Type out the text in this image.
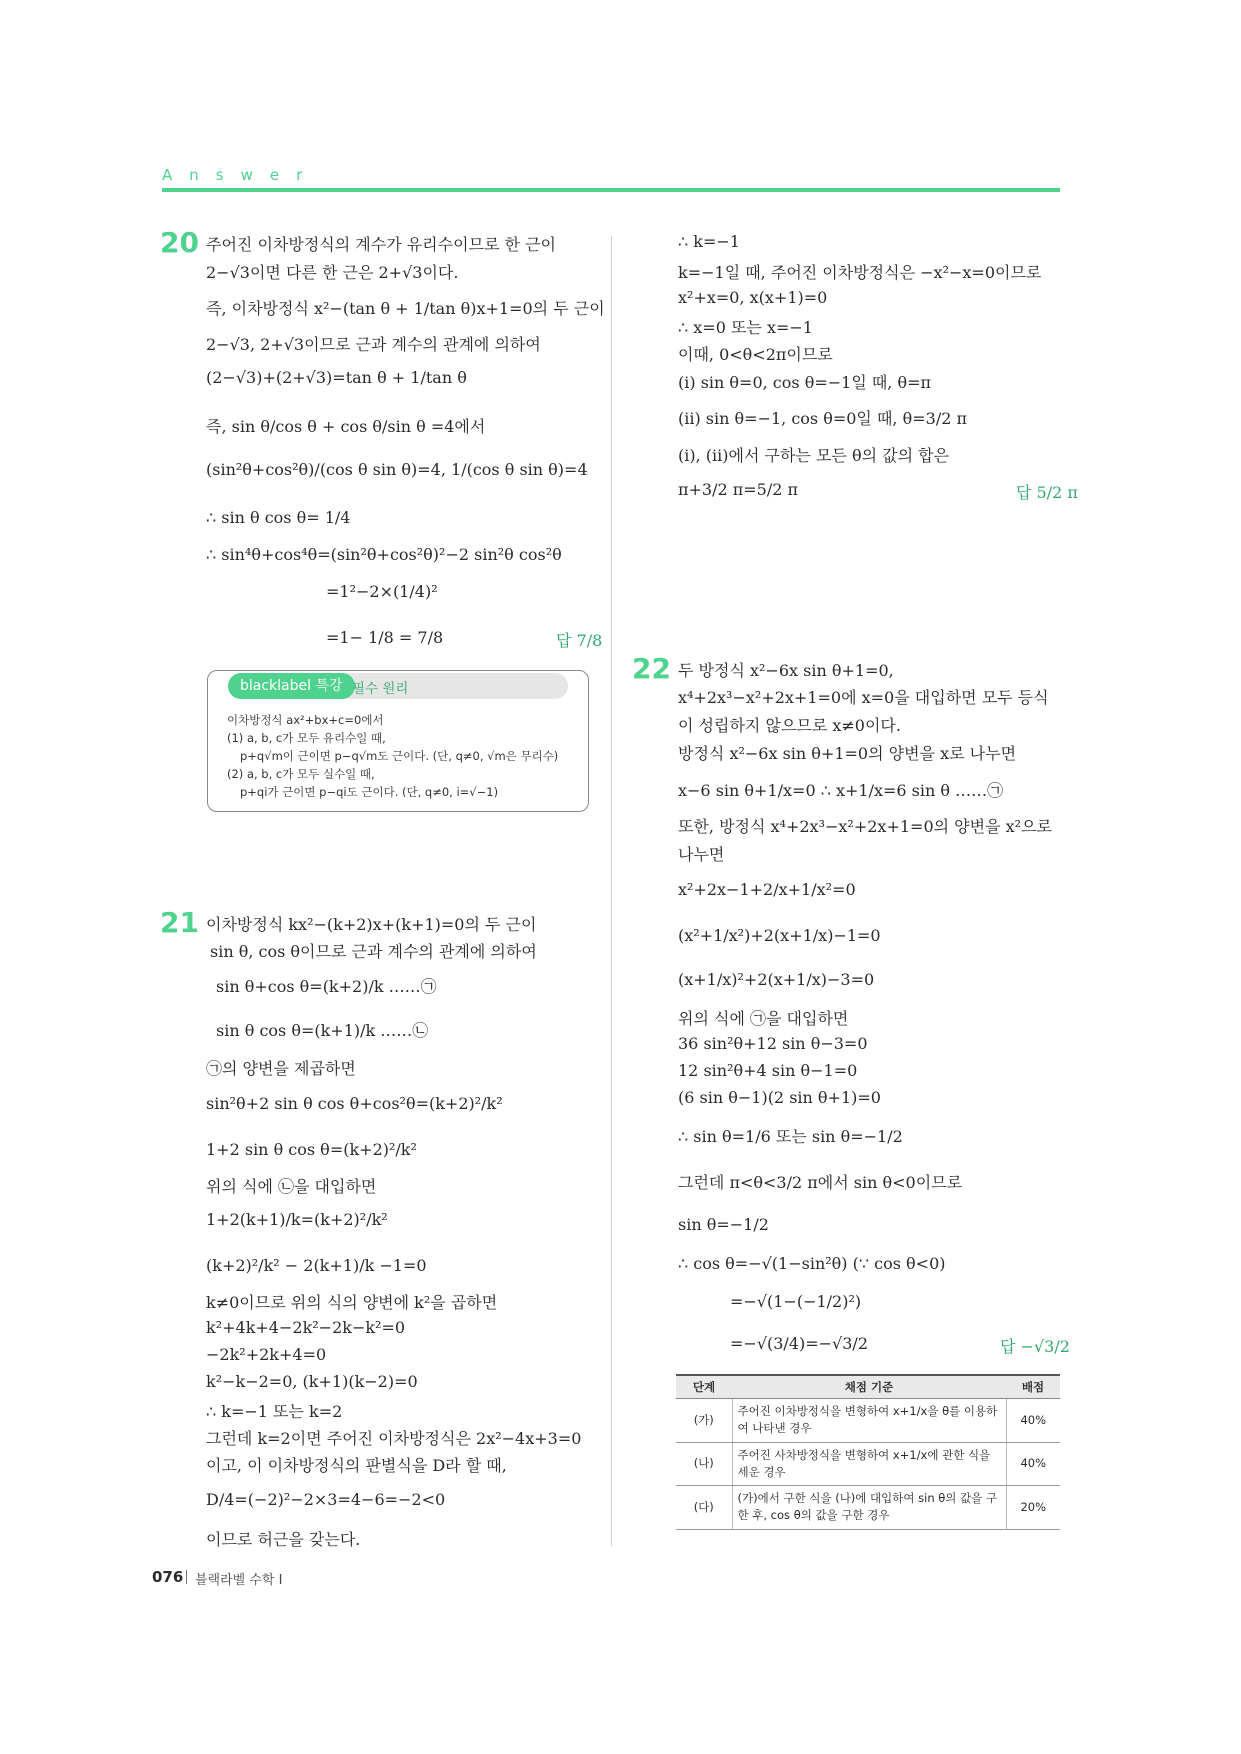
Answer
20 주어진 이차방정식의 계수가 유리수이므로 한 근이
2−√3이면 다른 한 근은 2+√3이다.
즉, 이차방정식 x²−(tan θ + 1/tan θ)x+1=0의 두 근이
2−√3, 2+√3이므로 근과 계수의 관계에 의하여
(2−√3)+(2+√3)=tan θ + 1/tan θ
즉, sin θ/cos θ + cos θ/sin θ =4에서
(sin²θ+cos²θ)/(cos θ sin θ)=4, 1/(cos θ sin θ)=4
∴ sin θ cos θ= 1/4
∴ sin⁴θ+cos⁴θ=(sin²θ+cos²θ)²−2 sin²θ cos²θ
=1²−2×(1/4)²
=1− 1/8 = 7/8	답 7/8
blacklabel 특강 필수 원리
이차방정식 ax²+bx+c=0에서
(1) a, b, c가 모두 유리수일 때,
p+q√m이 근이면 p−q√m도 근이다. (단, q≠0, √m은 무리수)
(2) a, b, c가 모두 실수일 때,
p+qi가 근이면 p−qi도 근이다. (단, q≠0, i=√−1)
21 이차방정식 kx²−(k+2)x+(k+1)=0의 두 근이
sin θ, cos θ이므로 근과 계수의 관계에 의하여
sin θ+cos θ=(k+2)/k ……㉠
sin θ cos θ=(k+1)/k ……㉡
㉠의 양변을 제곱하면
sin²θ+2 sin θ cos θ+cos²θ=(k+2)²/k²
1+2 sin θ cos θ=(k+2)²/k²
위의 식에 ㉡을 대입하면
1+2(k+1)/k=(k+2)²/k²
(k+2)²/k² − 2(k+1)/k −1=0
k≠0이므로 위의 식의 양변에 k²을 곱하면
k²+4k+4−2k²−2k−k²=0
−2k²+2k+4=0
k²−k−2=0, (k+1)(k−2)=0
∴ k=−1 또는 k=2
그런데 k=2이면 주어진 이차방정식은 2x²−4x+3=0
이고, 이 이차방정식의 판별식을 D라 할 때,
D/4=(−2)²−2×3=4−6=−2<0
이므로 허근을 갖는다.
∴ k=−1
k=−1일 때, 주어진 이차방정식은 −x²−x=0이므로
x²+x=0, x(x+1)=0
∴ x=0 또는 x=−1
이때, 0<θ<2π이므로
(i) sin θ=0, cos θ=−1일 때, θ=π
(ii) sin θ=−1, cos θ=0일 때, θ=3/2 π
(i), (ii)에서 구하는 모든 θ의 값의 합은
π+3/2 π=5/2 π	답 5/2 π
22 두 방정식 x²−6x sin θ+1=0,
x⁴+2x³−x²+2x+1=0에 x=0을 대입하면 모두 등식
이 성립하지 않으므로 x≠0이다.
방정식 x²−6x sin θ+1=0의 양변을 x로 나누면
x−6 sin θ+1/x=0 ∴ x+1/x=6 sin θ ……㉠
또한, 방정식 x⁴+2x³−x²+2x+1=0의 양변을 x²으로
나누면
x²+2x−1+2/x+1/x²=0
(x²+1/x²)+2(x+1/x)−1=0
(x+1/x)²+2(x+1/x)−3=0
위의 식에 ㉠을 대입하면
36 sin²θ+12 sin θ−3=0
12 sin²θ+4 sin θ−1=0
(6 sin θ−1)(2 sin θ+1)=0
∴ sin θ=1/6 또는 sin θ=−1/2
그런데 π<θ<3/2 π에서 sin θ<0이므로
sin θ=−1/2
∴ cos θ=−√(1−sin²θ) (∵ cos θ<0)
=−√(1−(−1/2)²)
=−√(3/4)=−√3/2	답 −√3/2
단계	채점 기준	배점
(가)	주어진 이차방정식을 변형하여 x+1/x을 θ를 이용하여 나타낸 경우	40%
(나)	주어진 사차방정식을 변형하여 x+1/x에 관한 식을 세운 경우	40%
(다)	(가)에서 구한 식을 (나)에 대입하여 sin θ의 값을 구한 후, cos θ의 값을 구한 경우	20%
076 블랙라벨 수학 I
